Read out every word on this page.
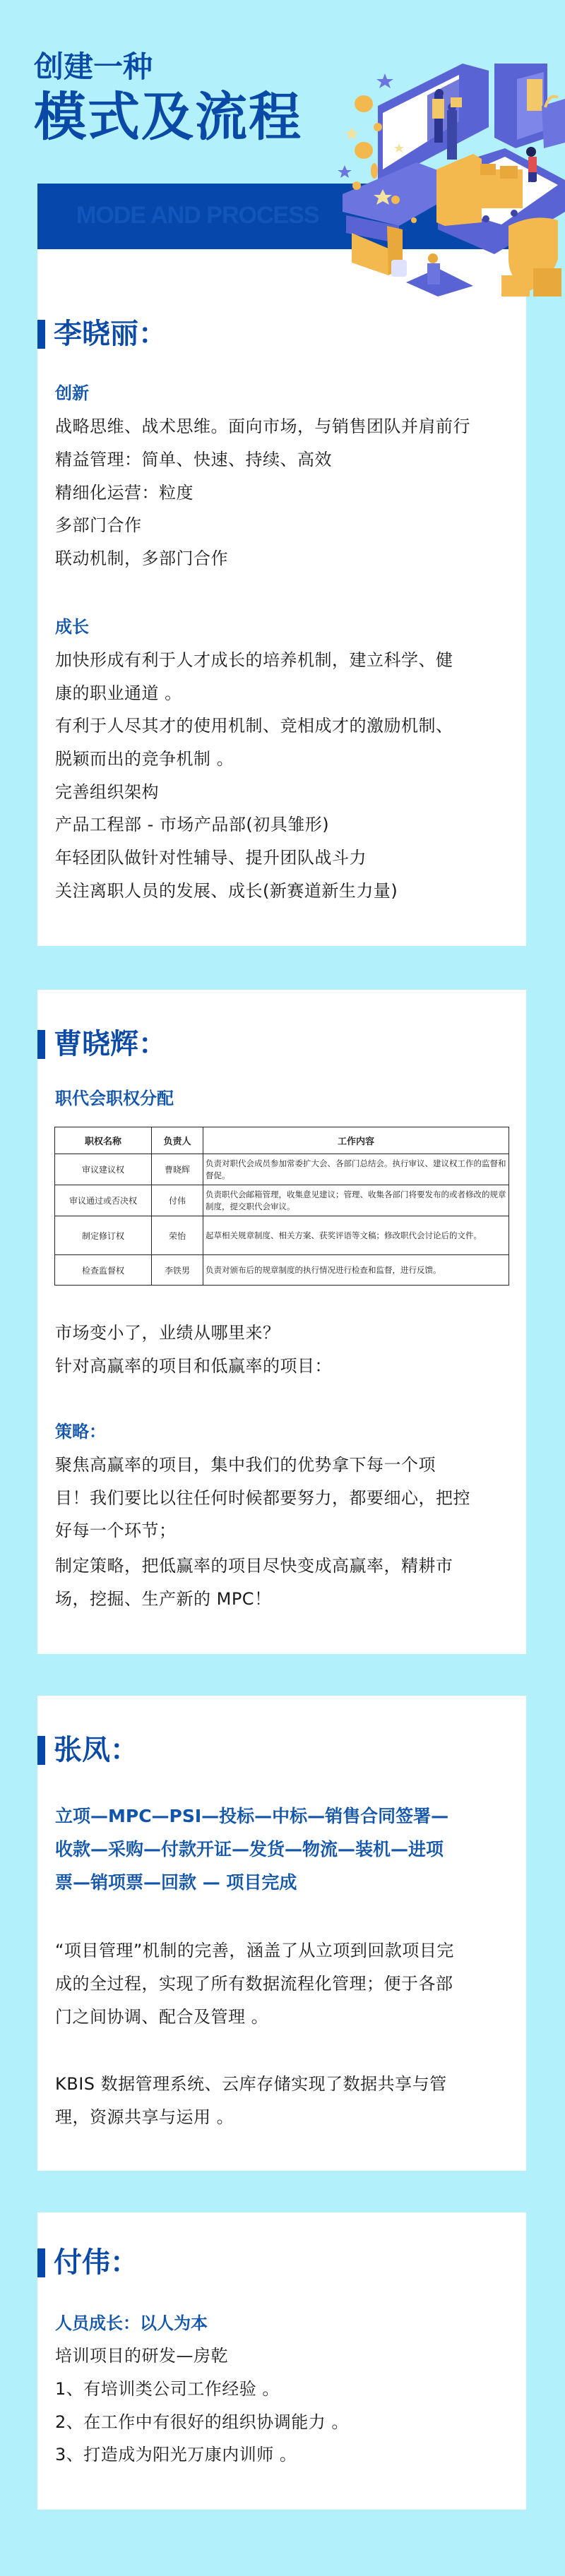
创建一种
模式及流程
MODE AND PROCESS
李晓丽：
创新
战略思维、战术思维。面向市场，与销售团队并肩前行
精益管理：简单、快速、持续、高效
精细化运营：粒度
多部门合作
联动机制，多部门合作
成长
加快形成有利于人才成长的培养机制，建立科学、健
康的职业通道 。
有利于人尽其才的使用机制、竞相成才的激励机制、
脱颖而出的竞争机制 。
完善组织架构
产品工程部 - 市场产品部(初具雏形)
年轻团队做针对性辅导、提升团队战斗力
关注离职人员的发展、成长(新赛道新生力量)
曹晓辉：
职代会职权分配
职权名称	负责人	工作内容
审议建议权	曹晓辉	负责对职代会成员参加常委扩大会、各部门总结会。执行审议、建议权工作的监督和督促。
审议通过或否决权	付伟	负责职代会邮箱管理，收集意见建议；管理、收集各部门将要发布的或者修改的规章制度，提交职代会审议。
制定修订权	荣怡	起草相关规章制度、相关方案、获奖评语等文稿；修改职代会讨论后的文件。
检查监督权	李铁男	负责对颁布后的规章制度的执行情况进行检查和监督，进行反馈。
市场变小了，业绩从哪里来？
针对高赢率的项目和低赢率的项目：
策略：
聚焦高赢率的项目，集中我们的优势拿下每一个项
目！我们要比以往任何时候都要努力，都要细心，把控
好每一个环节；
制定策略，把低赢率的项目尽快变成高赢率，精耕市
场，挖掘、生产新的 MPC！
张凤：
立项—MPC—PSI—投标—中标—销售合同签署—
收款—采购—付款开证—发货—物流—装机—进项
票—销项票—回款 — 项目完成
“项目管理”机制的完善，涵盖了从立项到回款项目完
成的全过程，实现了所有数据流程化管理；便于各部
门之间协调、配合及管理 。
KBIS 数据管理系统、云库存储实现了数据共享与管
理，资源共享与运用 。
付伟：
人员成长：以人为本
培训项目的研发—房乾
1、有培训类公司工作经验 。
2、在工作中有很好的组织协调能力 。
3、打造成为阳光万康内训师 。
